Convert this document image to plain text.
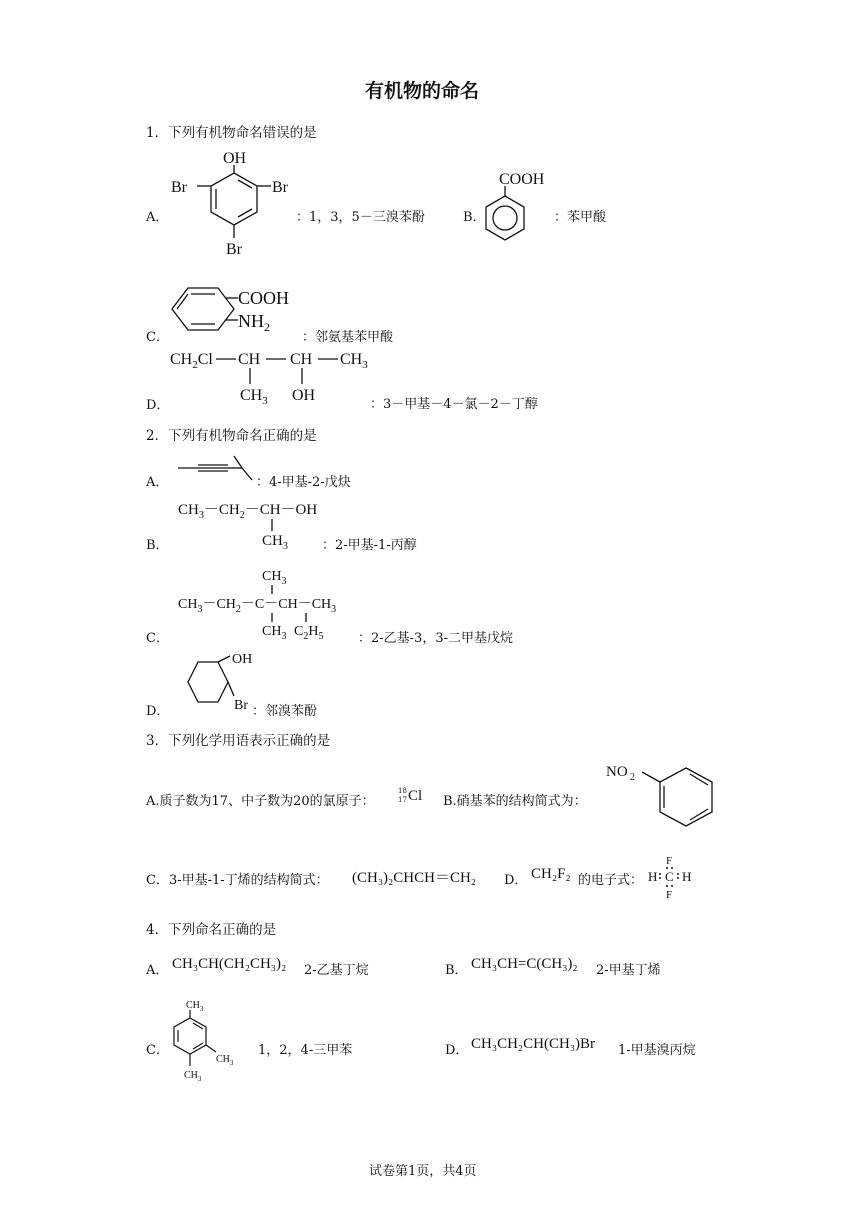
有机物的命名
1．下列有机物命名错误的是
A．
OH
Br
Br
Br
：1，3，5－三溴苯酚	B．
COOH
：苯甲酸
C．
COOH
NH 2
：邻氨基苯甲酸
D．
$CH_2Cl$ CH CH $CH_3$
$CH_3$ OH
：3－甲基－4－氯－2－丁醇
2．下列有机物命名正确的是
A．	：4-甲基-2-戊炔
B．
$CH_3-CH_2-CH-OH$
$CH_3$	：2-甲基-1-丙醇
C．
$CH_3$
$CH_3-CH_2-C-CH-CH_3$
$CH_3$ $C_2H_5$	：2-乙基-3，3-二甲基戊烷
D．
OH
Br ：邻溴苯酚
3．下列化学用语表示正确的是
A.质子数为17、中子数为20的氯原子：
18
17 Cl B.硝基苯的结构简式为：
NO 2
C．3-甲基-1-丁烯的结构简式： (CH₃)₂CHCH＝CH₂ D． CH₂F₂ 的电子式：
F
H C H
F
4．下列命名正确的是
A． CH₃CH(CH₂CH₃)₂ 2-乙基丁烷	B． CH₃CH=C(CH₃)₂ 2-甲基丁烯
C．
$CH_3$
$CH_3$
$CH_3$
1，2，4-三甲苯	D． CH₃CH₂CH(CH₃)Br 1-甲基溴丙烷
试卷第1页，共4页
